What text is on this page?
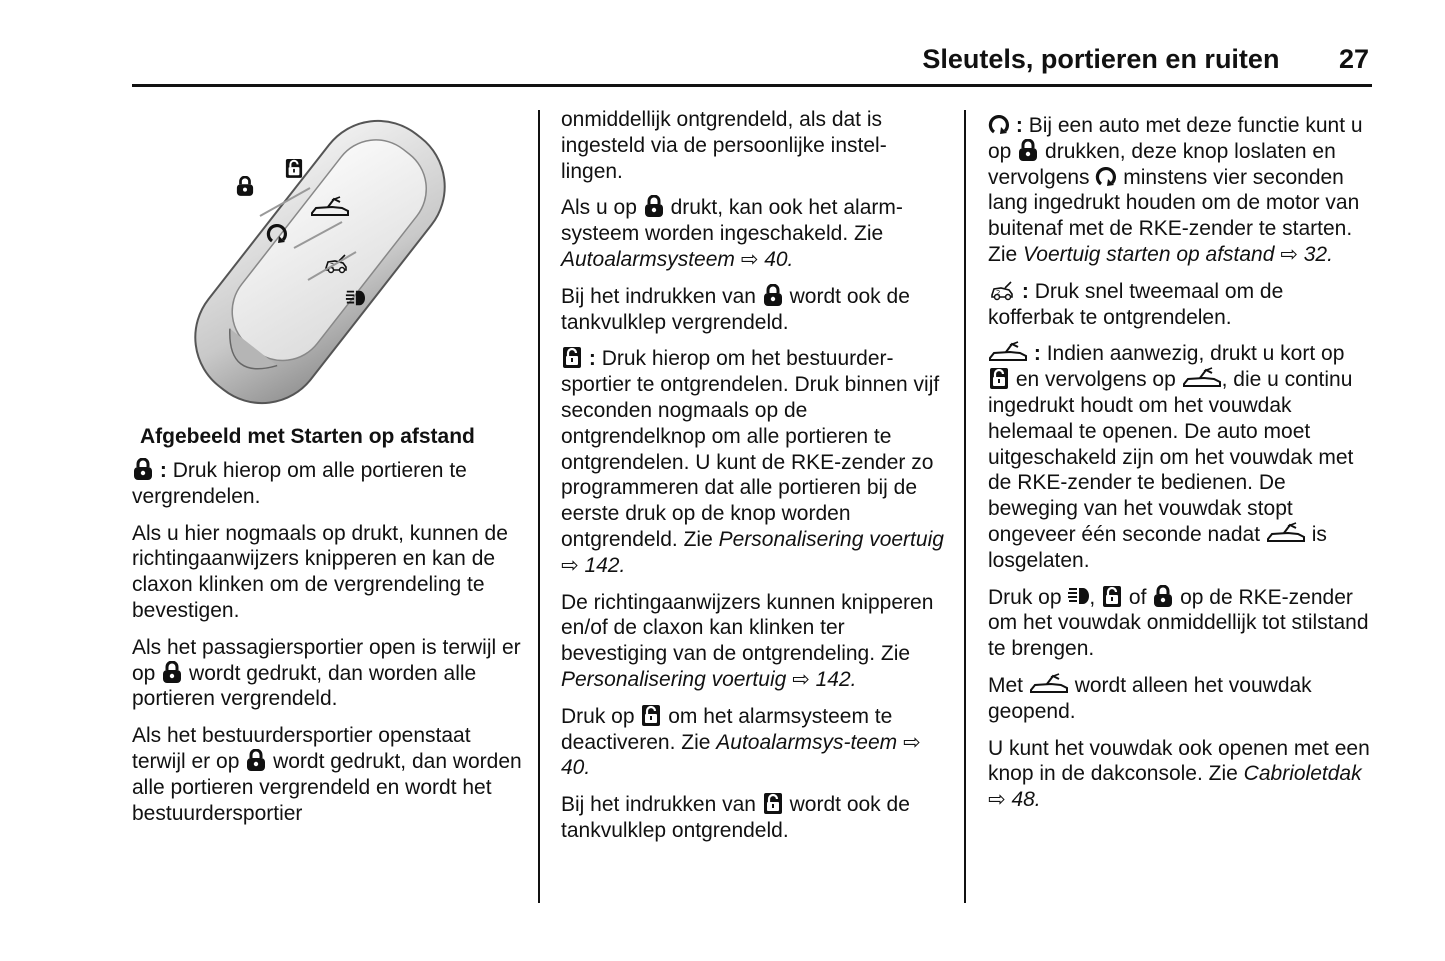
Sleutels, portieren en ruiten 27
Afgebeeld met Starten op afstand

: Druk hierop om alle portieren te vergrendelen.

Als u hier nogmaals op drukt, kunnen de richtingaanwijzers knipperen en kan de claxon klinken om de vergrendeling te bevestigen.

Als het passagiersportier open is terwijl er op wordt gedrukt, dan worden alle portieren vergrendeld.

Als het bestuurdersportier openstaat terwijl er op wordt gedrukt, dan worden alle portieren vergrendeld en wordt het bestuurdersportier

onmiddellijk ontgrendeld, als dat is ingesteld via de persoonlijke instel-lingen.

Als u op drukt, kan ook het alarm-systeem worden ingeschakeld. Zie Autoalarmsysteem ⇨ 40.

Bij het indrukken van wordt ook de tankvulklep vergrendeld.

: Druk hierop om het bestuurder-sportier te ontgrendelen. Druk binnen vijf seconden nogmaals op de ontgrendelknop om alle portieren te ontgrendelen. U kunt de RKE-zender zo programmeren dat alle portieren bij de eerste druk op de knop worden ontgrendeld. Zie Personalisering voertuig ⇨ 142.

De richtingaanwijzers kunnen knipperen en/of de claxon kan klinken ter bevestiging van de ontgrendeling. Zie Personalisering voertuig ⇨ 142.

Druk op om het alarmsysteem te deactiveren. Zie Autoalarmsys-teem ⇨ 40.

Bij het indrukken van wordt ook de tankvulklep ontgrendeld.

: Bij een auto met deze functie kunt u op drukken, deze knop loslaten en vervolgens minstens vier seconden lang ingedrukt houden om de motor van buitenaf met de RKE-zender te starten. Zie Voertuig starten op afstand ⇨ 32.

: Druk snel tweemaal om de kofferbak te ontgrendelen.

: Indien aanwezig, drukt u kort op
en vervolgens op , die u continu ingedrukt houdt om het vouwdak helemaal te openen. De auto moet uitgeschakeld zijn om het vouwdak met de RKE-zender te bedienen. De beweging van het vouwdak stopt ongeveer één seconde nadat is losgelaten.

Druk op , of op de RKE-zender om het vouwdak onmiddellijk tot stilstand te brengen.

Met wordt alleen het vouwdak geopend.

U kunt het vouwdak ook openen met een knop in de dakconsole. Zie Cabrioletdak ⇨ 48.
